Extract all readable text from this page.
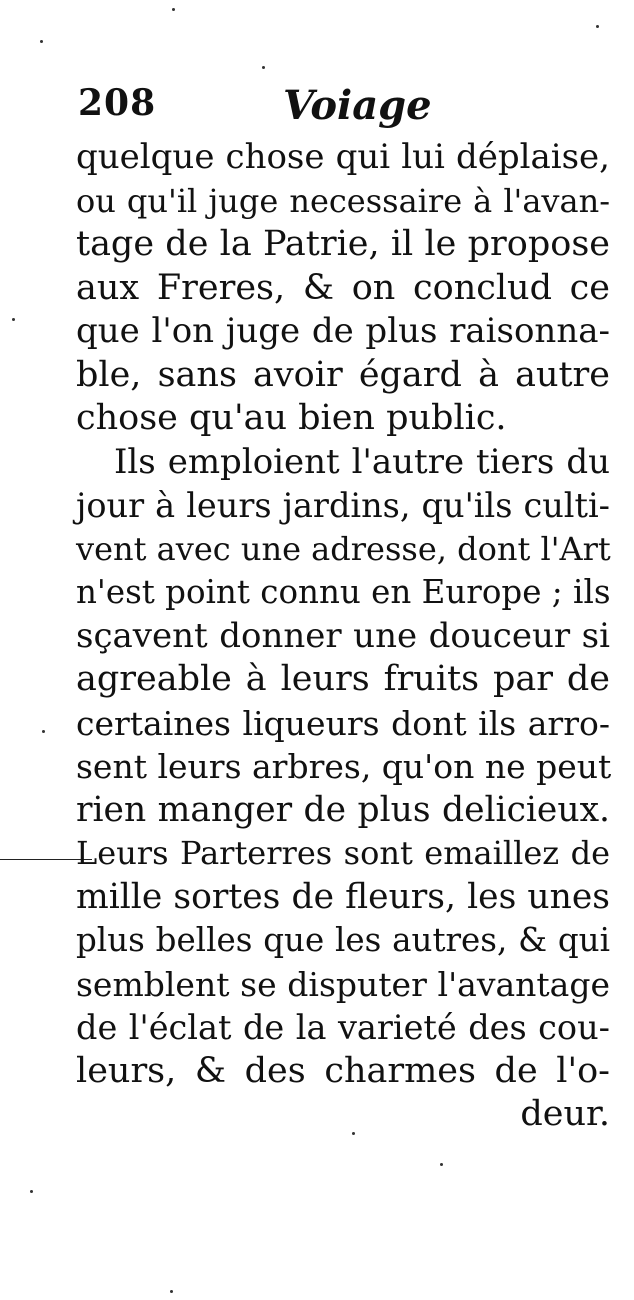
208	Voiage
quelque chose qui lui déplaise,
ou qu'il juge necessaire à l'avan-
tage de la Patrie, il le propose
aux Freres, & on conclud ce
que l'on juge de plus raisonna-
ble, sans avoir égard à autre
chose qu'au bien public.
Ils emploient l'autre tiers du
jour à leurs jardins, qu'ils culti-
vent avec une adresse, dont l'Art
n'est point connu en Europe ; ils
sçavent donner une douceur si
agreable à leurs fruits par de
certaines liqueurs dont ils arro-
sent leurs arbres, qu'on ne peut
rien manger de plus delicieux.
Leurs Parterres sont emaillez de
mille sortes de fleurs, les unes
plus belles que les autres, & qui
semblent se disputer l'avantage
de l'éclat de la varieté des cou-
leurs, & des charmes de l'o-
deur.
